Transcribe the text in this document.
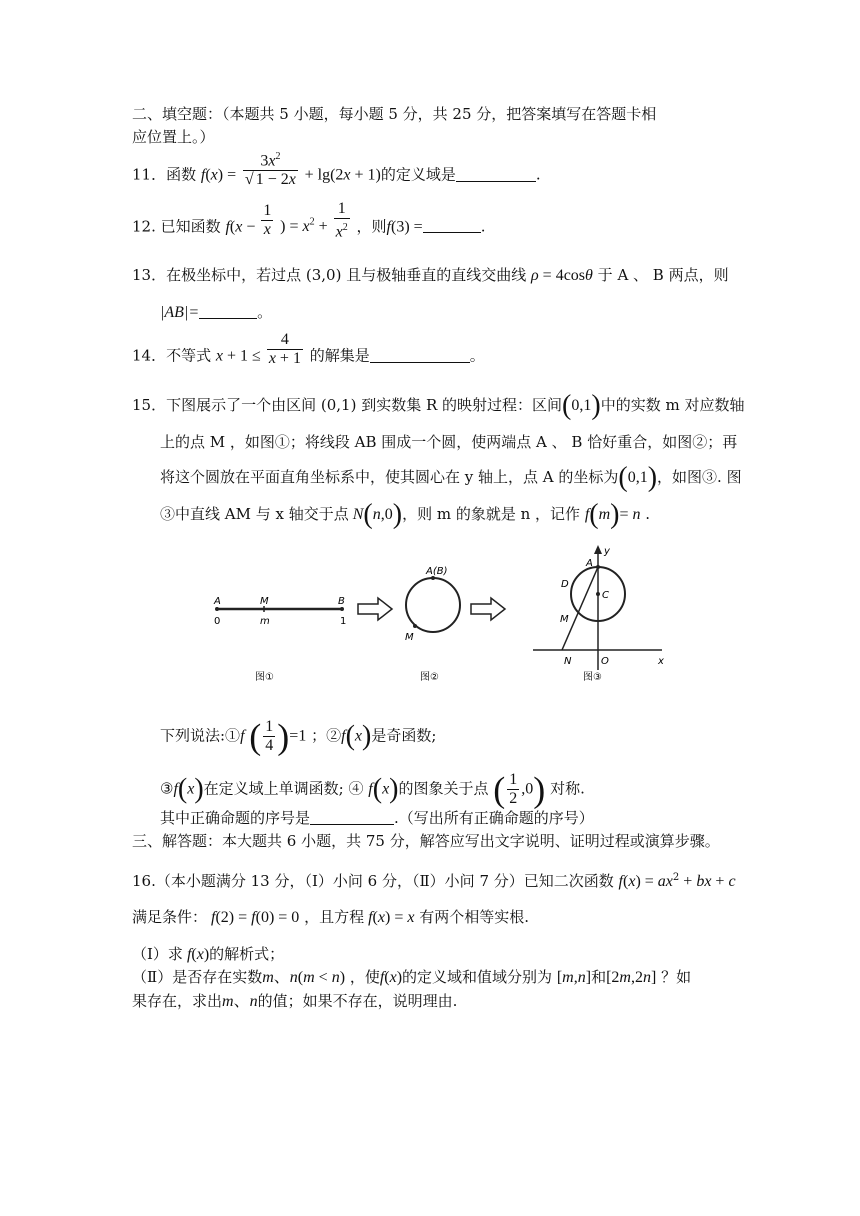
二、填空题：（本题共 5 小题，每小题 5 分，共 25 分，把答案填写在答题卡相
应位置上。）
11．函数 $f(x) = \frac{3x^2}{√ 1 - 2x} + \lg(2x + 1)$的定义域是	.
12. 已知函数 $f(x - \frac{1}{x}$ ) = $x^2 + \frac{1}{x^2}$ ，则f(3) =	.
13．在极坐标中，若过点 (3,0) 且与极轴垂直的直线交曲线 ρ = 4cosθ 于 A 、 B 两点，则
|AB|=	。
14．不等式 $x + 1 \le \frac{4}{x + 1}$ 的解集是	。
15．下图展示了一个由区间 (0,1) 到实数集 R 的映射过程：区间(0,1)中的实数 m 对应数轴
上的点 M ，如图①；将线段 AB 围成一个圆，使两端点 A 、 B 恰好重合，如图②；再
将这个圆放在平面直角坐标系中，使其圆心在 y 轴上，点 A 的坐标为(0,1)，如图③. 图
③中直线 AM 与 x 轴交于点 N(n,0)，则 m 的象就是 n ，记作 f(m)= n .
A	M	B
0	m	1
图①
A(B)
M
图②
y
A
D
C
M
N	O	x
图③
下列说法:①f ( $\frac{1}{4} )=1$ ；②f(x)是奇函数;
③f(x)在定义域上单调函数; ④ f(x)的图象关于点 ( $\frac{1}{2} ,0$) 对称.
其中正确命题的序号是	.（写出所有正确命题的序号）
三、解答题：本大题共 6 小题，共 75 分，解答应写出文字说明、证明过程或演算步骤。
16.（本小题满分 13 分，（Ⅰ）小问 6 分，（Ⅱ）小问 7 分）已知二次函数 $f(x) = ax^2$ + bx + c
满足条件： f(2) = f(0) = 0 ，且方程 f(x) = x 有两个相等实根.
（Ⅰ）求 f(x)的解析式；
（Ⅱ）是否存在实数m、n(m < n) ，使f(x)的定义域和值域分别为 [m,n]和[2m,2n] ？如
果存在，求出m、n的值；如果不存在，说明理由.
